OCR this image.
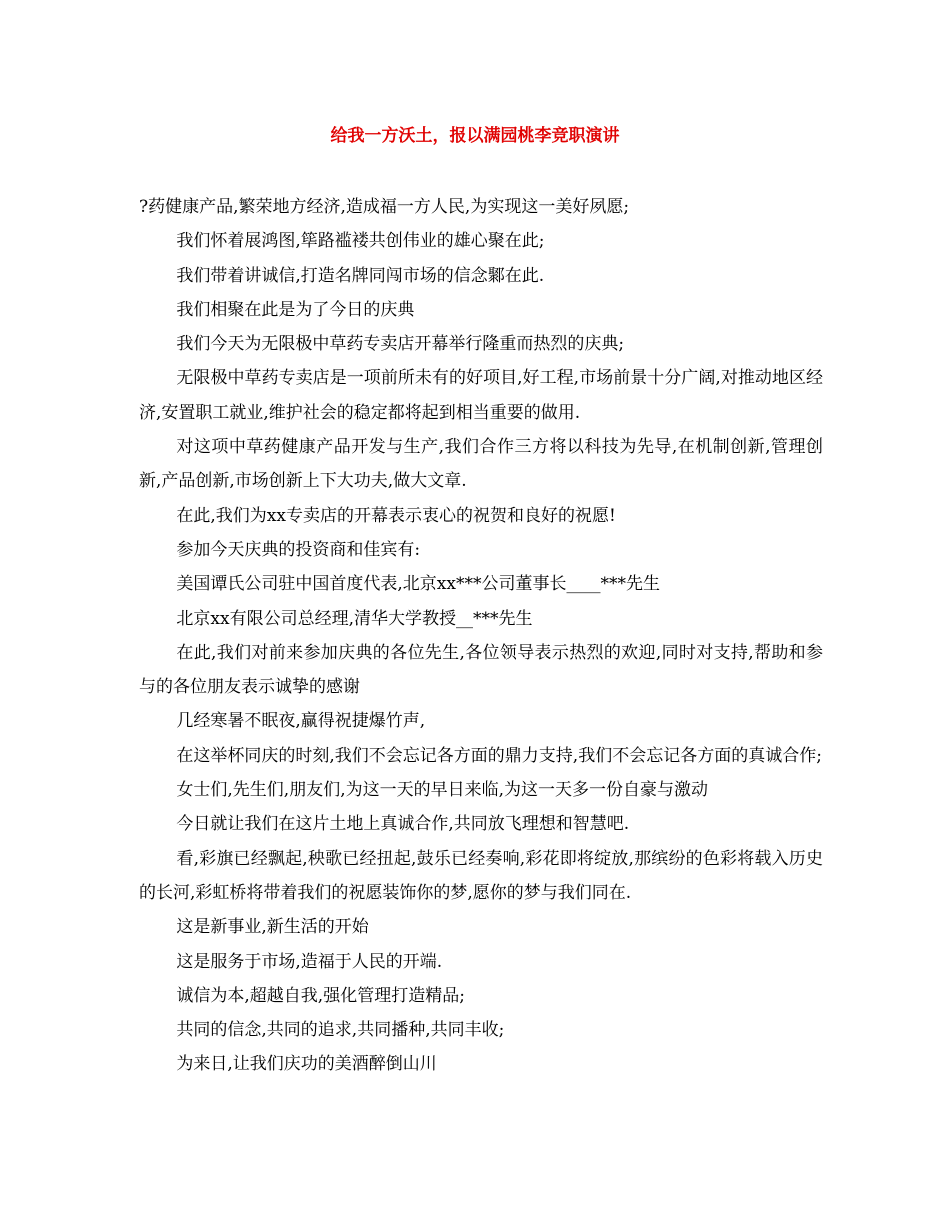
给我一方沃土，报以满园桃李竞职演讲

?药健康产品,繁荣地方经济,造成福一方人民,为实现这一美好夙愿;

我们怀着展鸿图,筚路褴褛共创伟业的雄心聚在此;

我们带着讲诚信,打造名牌同闯市场的信念鄹在此.

我们相聚在此是为了今日的庆典

我们今天为无限极中草药专卖店开幕举行隆重而热烈的庆典;

无限极中草药专卖店是一项前所未有的好项目,好工程,市场前景十分广阔,对推动地区经济,安置职工就业,维护社会的稳定都将起到相当重要的做用.

对这项中草药健康产品开发与生产,我们合作三方将以科技为先导,在机制创新,管理创新,产品创新,市场创新上下大功夫,做大文章.

在此,我们为xx专卖店的开幕表示衷心的祝贺和良好的祝愿!

参加今天庆典的投资商和佳宾有:

美国谭氏公司驻中国首度代表,北京xx***公司董事长____***先生

北京xx有限公司总经理,清华大学教授__***先生

在此,我们对前来参加庆典的各位先生,各位领导表示热烈的欢迎,同时对支持,帮助和参与的各位朋友表示诚挚的感谢

几经寒暑不眠夜,赢得祝捷爆竹声,

在这举杯同庆的时刻,我们不会忘记各方面的鼎力支持,我们不会忘记各方面的真诚合作;

女士们,先生们,朋友们,为这一天的早日来临,为这一天多一份自豪与激动

今日就让我们在这片土地上真诚合作,共同放飞理想和智慧吧.

看,彩旗已经飘起,秧歌已经扭起,鼓乐已经奏响,彩花即将绽放,那缤纷的色彩将载入历史的长河,彩虹桥将带着我们的祝愿装饰你的梦,愿你的梦与我们同在.

这是新事业,新生活的开始

这是服务于市场,造福于人民的开端.

诚信为本,超越自我,强化管理打造精品;

共同的信念,共同的追求,共同播种,共同丰收;

为来日,让我们庆功的美酒醉倒山川
